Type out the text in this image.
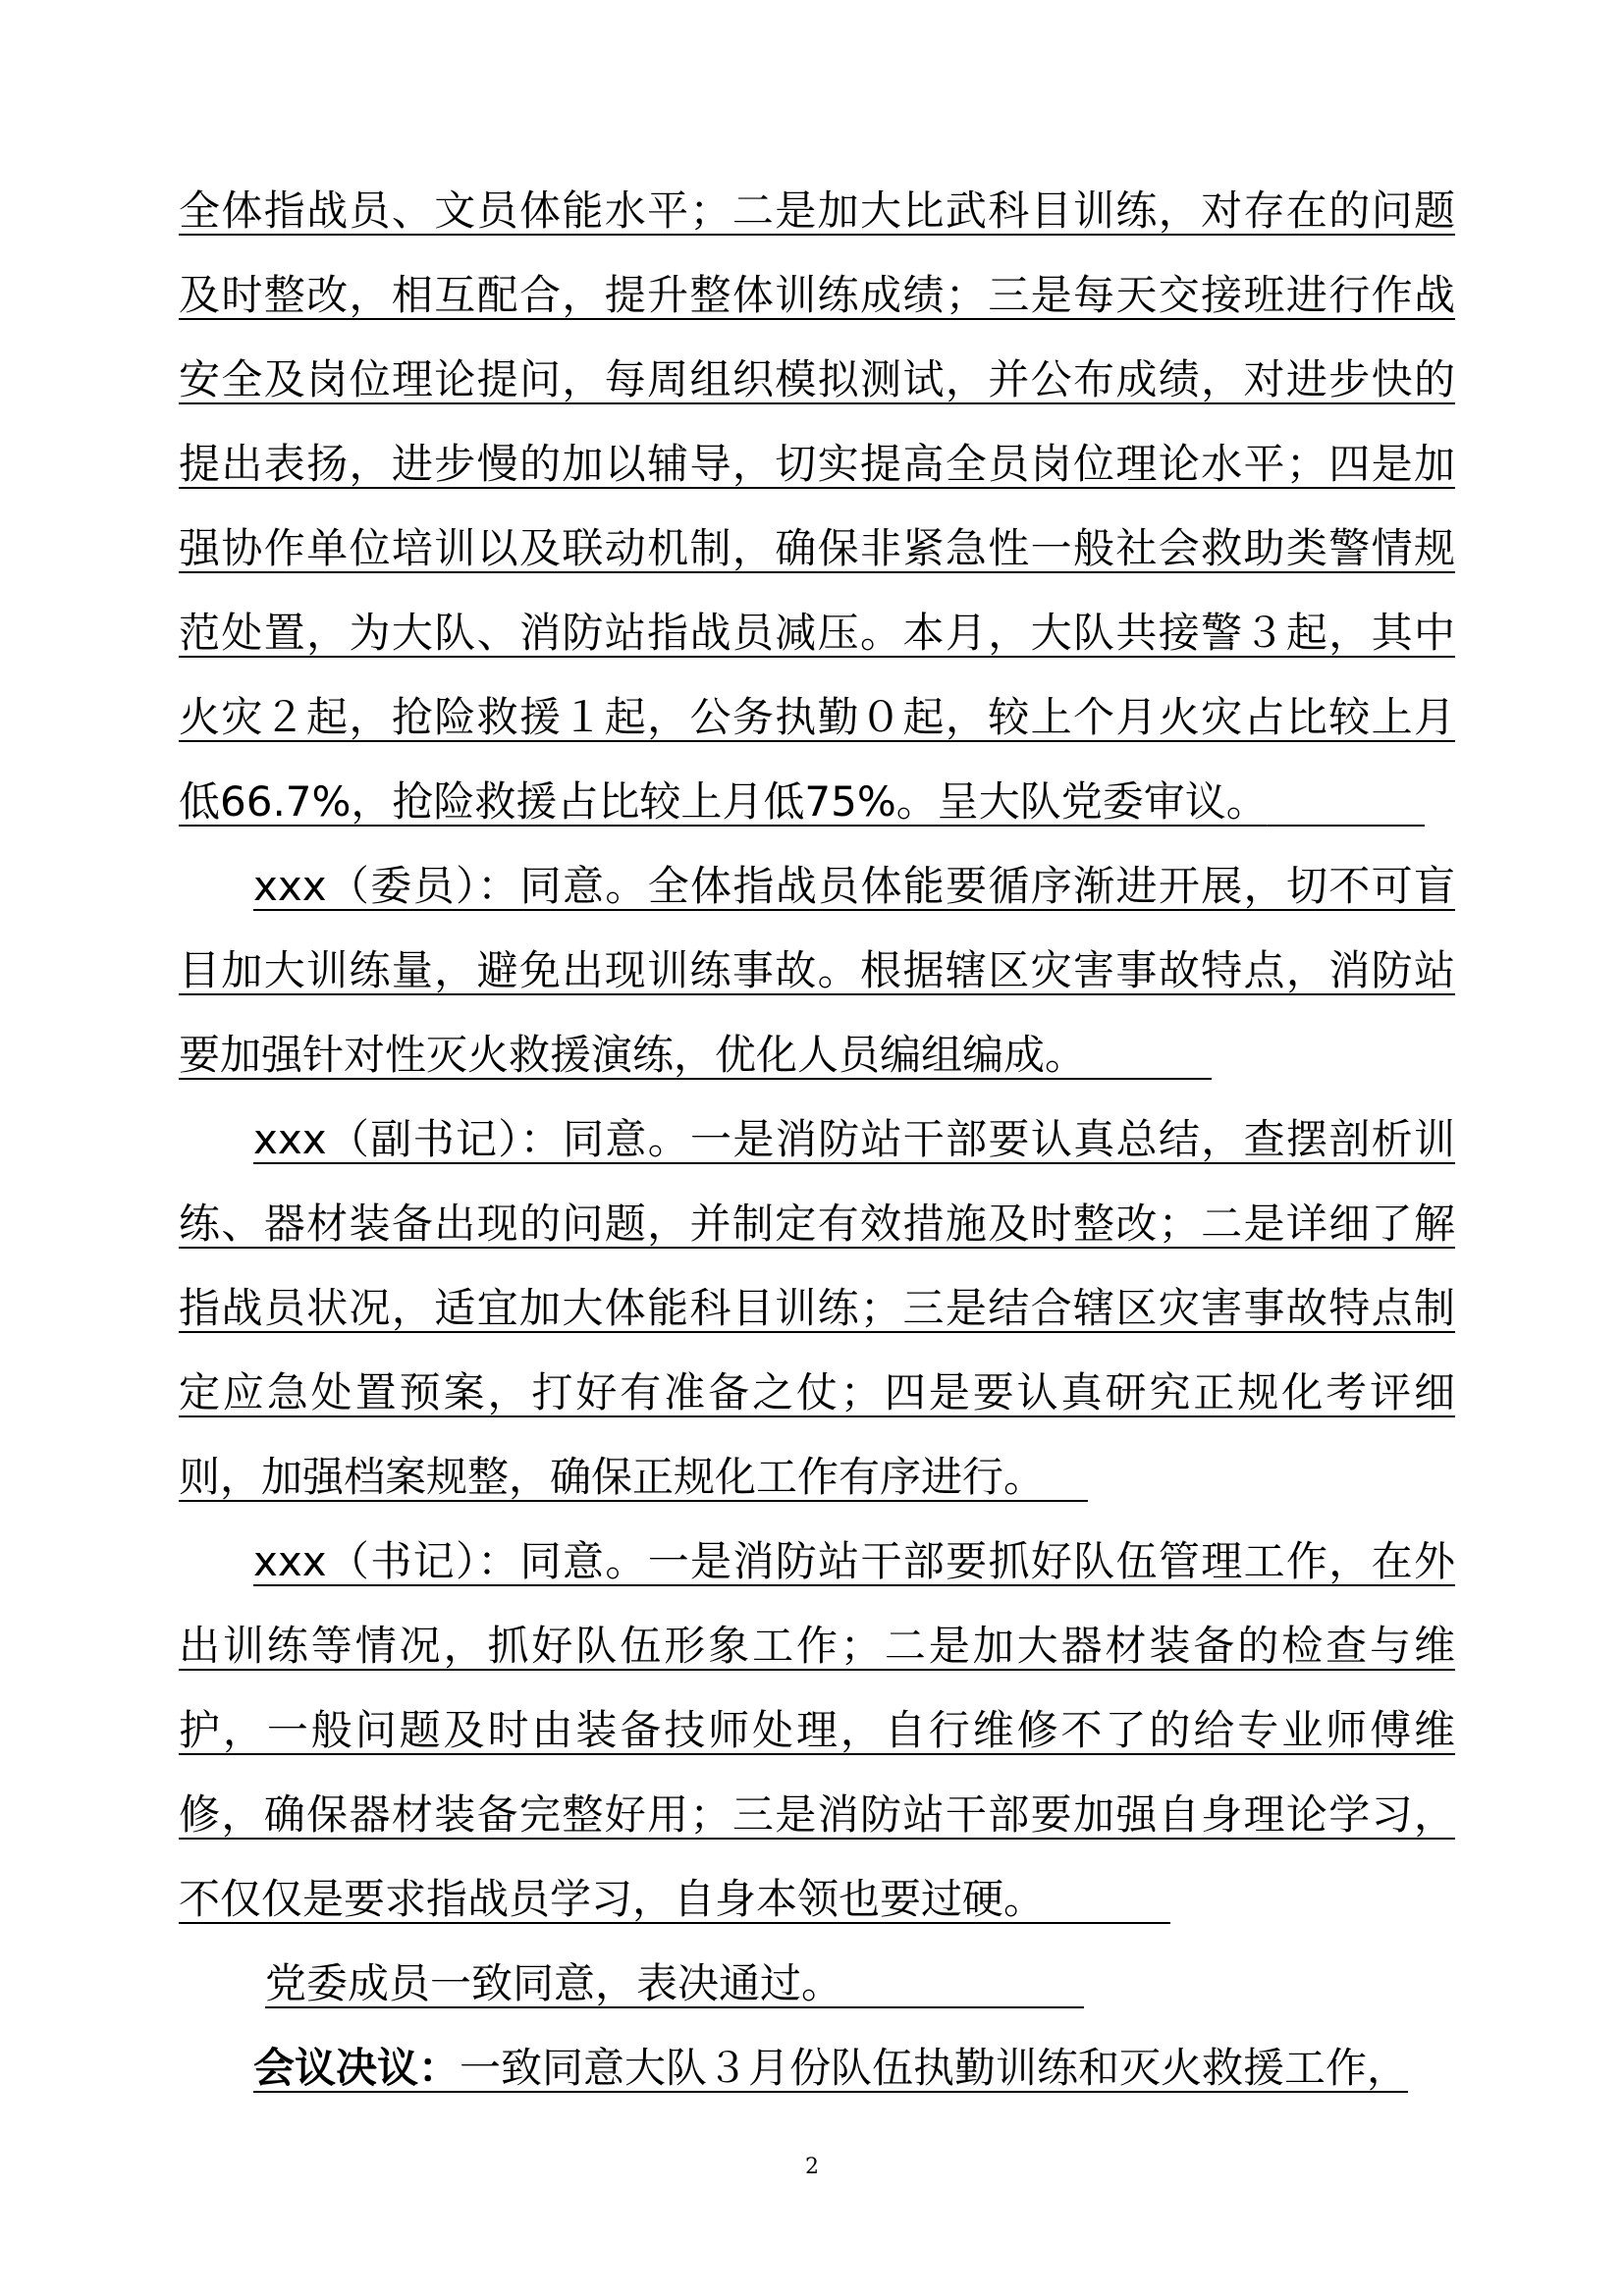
全体指战员、文员体能水平；二是加大比武科目训练，对存在的问题及时整改，相互配合，提升整体训练成绩；三是每天交接班进行作战安全及岗位理论提问，每周组织模拟测试，并公布成绩，对进步快的提出表扬，进步慢的加以辅导，切实提高全员岗位理论水平；四是加强协作单位培训以及联动机制，确保非紧急性一般社会救助类警情规范处置，为大队、消防站指战员减压。本月，大队共接警３起，其中火灾２起，抢险救援１起，公务执勤０起，较上个月火灾占比较上月低66.7%，抢险救援占比较上月低75%。呈大队党委审议。

xxx（委员）：同意。全体指战员体能要循序渐进开展，切不可盲目加大训练量，避免出现训练事故。根据辖区灾害事故特点，消防站要加强针对性灭火救援演练，优化人员编组编成。

xxx（副书记）：同意。一是消防站干部要认真总结，查摆剖析训练、器材装备出现的问题，并制定有效措施及时整改；二是详细了解指战员状况，适宜加大体能科目训练；三是结合辖区灾害事故特点制定应急处置预案，打好有准备之仗；四是要认真研究正规化考评细则，加强档案规整，确保正规化工作有序进行。

xxx（书记）：同意。一是消防站干部要抓好队伍管理工作，在外出训练等情况，抓好队伍形象工作；二是加大器材装备的检查与维护，一般问题及时由装备技师处理，自行维修不了的给专业师傅维修，确保器材装备完整好用；三是消防站干部要加强自身理论学习，不仅仅是要求指战员学习，自身本领也要过硬。

党委成员一致同意，表决通过。

会议决议：一致同意大队３月份队伍执勤训练和灭火救援工作，

2
